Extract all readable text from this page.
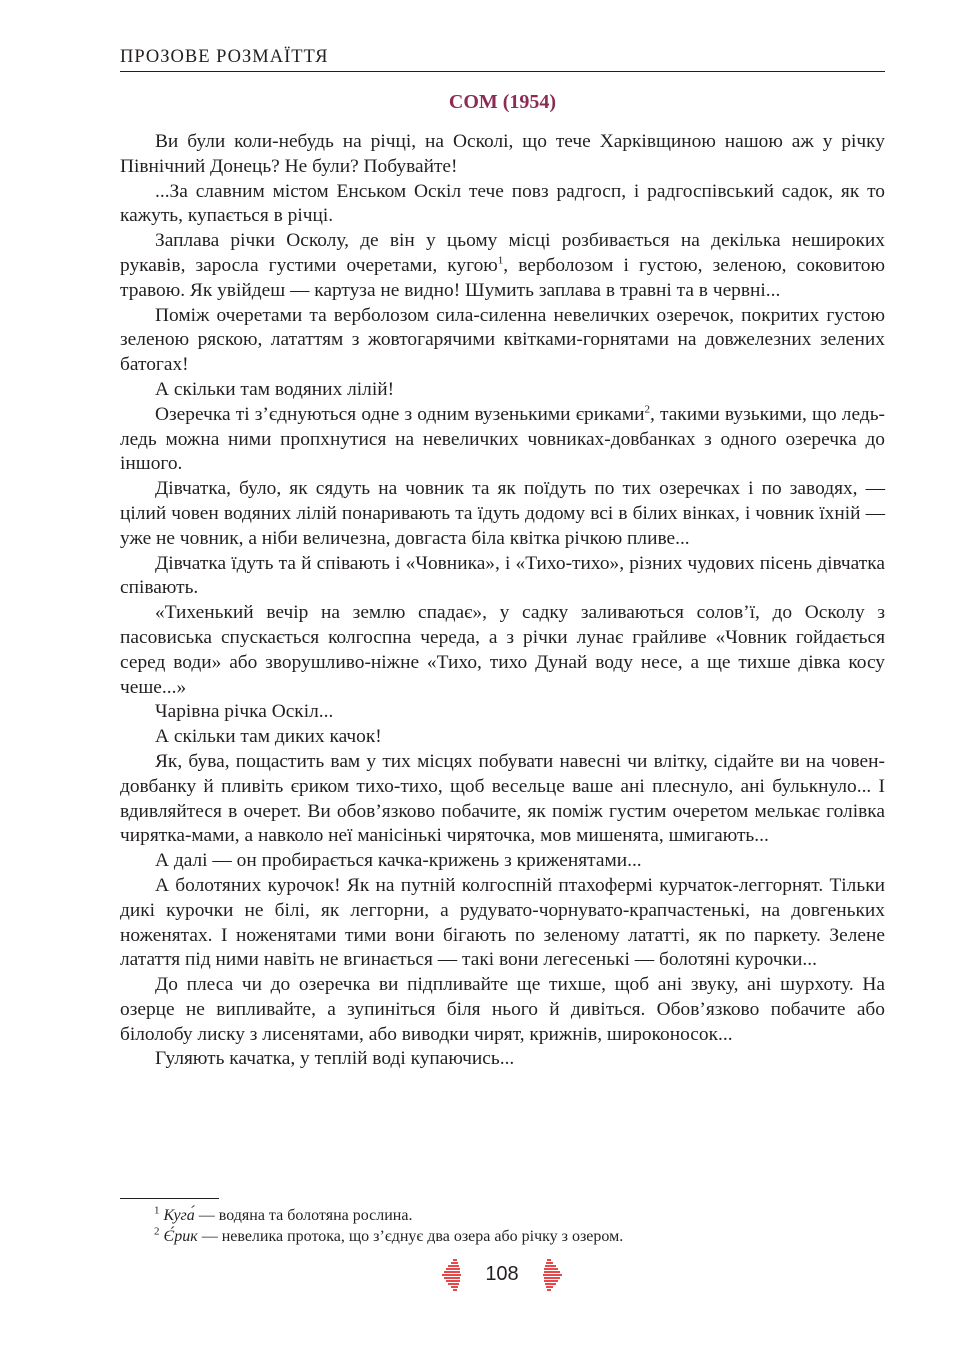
ПРОЗОВЕ РОЗМАЇТТЯ
СОМ (1954)

Ви були коли-небудь на річці, на Осколі, що тече Харківщиною нашою аж у річку Північний Донець? Не були? Побувайте!

...За славним містом Енськом Оскіл тече повз радгосп, і радгоспівський садок, як то кажуть, купається в річці.

Заплава річки Осколу, де він у цьому місці розбивається на декілька нешироких рукавів, заросла густими очеретами, кугою$^1$, верболозом і густою, зеленою, соковитою травою. Як увійдеш — картуза не видно! Шумить заплава в травні та в червні...

Поміж очеретами та верболозом сила-силенна невеличких озеречок, покритих густою зеленою ряскою, лататтям з жовтогарячими квітками-горнятами на довжелезних зелених батогах!

А скільки там водяних лілій!

Озеречка ті з’єднуються одне з одним вузенькими єриками$^2$, такими вузькими, що ледь-ледь можна ними пропхнутися на невеличких човниках-довбанках з одного озеречка до іншого.

Дівчатка, було, як сядуть на човник та як поїдуть по тих озеречках і по заводях, — цілий човен водяних лілій понаривають та їдуть додому всі в білих вінках, і човник їхній — уже не човник, а ніби величезна, довгаста біла квітка річкою пливе...

Дівчатка їдуть та й співають і «Човника», і «Тихо-тихо», різних чудових пісень дівчатка співають.

«Тихенький вечір на землю спадає», у садку заливаються солов’ї, до Осколу з пасовиська спускається колгоспна череда, а з річки лунає грайливе «Човник гойдається серед води» або зворушливо-ніжне «Тихо, тихо Дунай воду несе, а ще тихше дівка косу чеше...»

Чарівна річка Оскіл...

А скільки там диких качок!

Як, бува, пощастить вам у тих місцях побувати навесні чи влітку, сідайте ви на човен-довбанку й пливіть єриком тихо-тихо, щоб весельце ваше ані плеснуло, ані булькнуло... І вдивляйтеся в очерет. Ви обов’язково побачите, як поміж густим очеретом мелькає голівка чирятка-мами, а навколо неї манісінькі чиряточка, мов мишенята, шмигають...

А далі — он пробирається качка-крижень з криженятами...

А болотяних курочок! Як на путній колгоспній птахофермі курчаток-леггорнят. Тільки дикі курочки не білі, як леггорни, а рудувато-чорнувато-крапчастенькі, на довгеньких ноженятах. І ноженятами тими вони бігають по зеленому лататті, як по паркету. Зелене латаття під ними навіть не вгинається — такі вони легесенькі — болотяні курочки...

До плеса чи до озеречка ви підпливайте ще тихше, щоб ані звуку, ані шурхоту. На озерце не випливайте, а зупиніться біля нього й дивіться. Обов’язково побачите або білолобу лиску з лисенятами, або виводки чирят, крижнів, широконосок...

Гуляють качатка, у теплій воді купаючись...

$^1$ Куга́ — водяна та болотяна рослина.

$^2$ Є́рик — невелика протока, що з’єднує два озера або річку з озером.

108
